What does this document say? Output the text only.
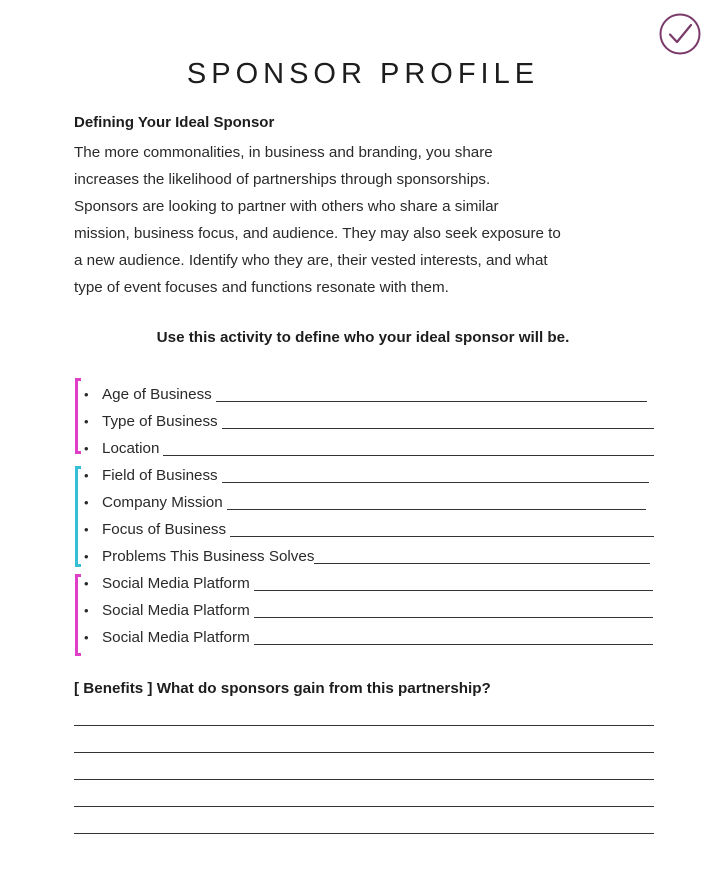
SPONSOR PROFILE
Defining Your Ideal Sponsor
The more commonalities, in business and branding, you share
increases the likelihood of partnerships through sponsorships.
Sponsors are looking to partner with others who share a similar
mission, business focus, and audience. They may also seek exposure to
a new audience. Identify who they are, their vested interests, and what
type of event focuses and functions resonate with them.
Use this activity to define who your ideal sponsor will be.
• Age of Business
• Type of Business
• Location
• Field of Business
• Company Mission
• Focus of Business
• Problems This Business Solves
• Social Media Platform
• Social Media Platform
• Social Media Platform
[ Benefits ] What do sponsors gain from this partnership?
